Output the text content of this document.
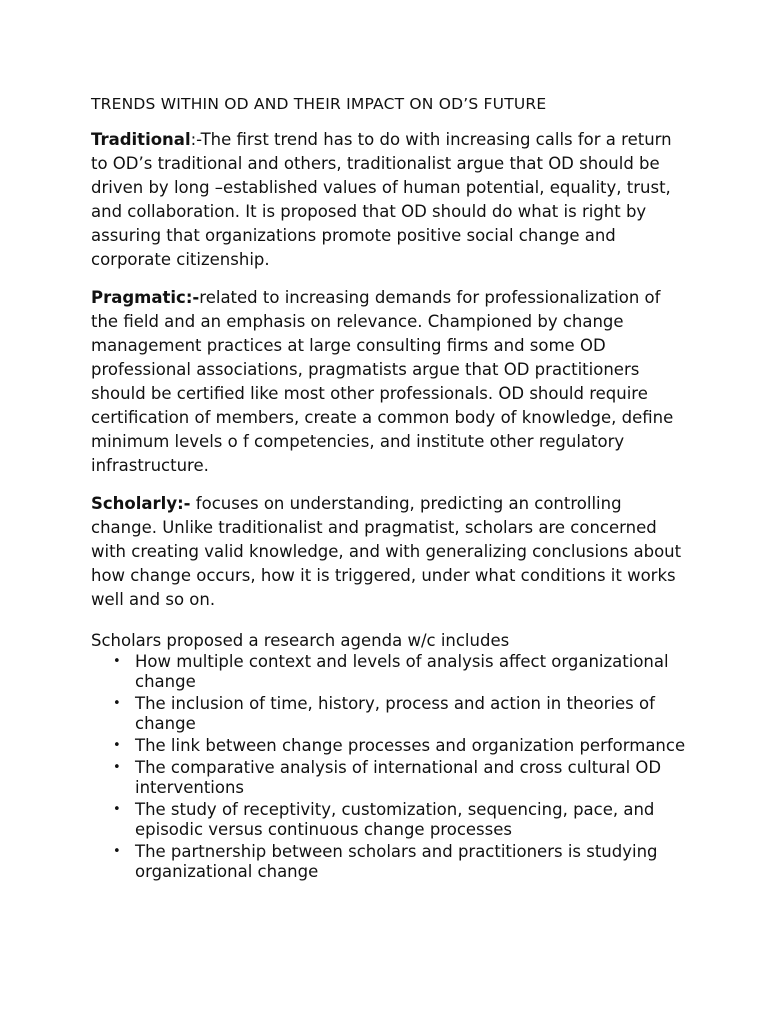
TRENDS WITHIN OD AND THEIR IMPACT ON OD’S FUTURE

Traditional:-The first trend has to do with increasing calls for a return to OD’s traditional and others, traditionalist argue that OD should be driven by long –established values of human potential, equality, trust, and collaboration. It is proposed that OD should do what is right by assuring that organizations promote positive social change and corporate citizenship.

Pragmatic:-related to increasing demands for professionalization of the field and an emphasis on relevance. Championed by change management practices at large consulting firms and some OD professional associations, pragmatists argue that OD practitioners should be certified like most other professionals. OD should require certification of members, create a common body of knowledge, define minimum levels o f competencies, and institute other regulatory infrastructure.

Scholarly:- focuses on understanding, predicting an controlling change. Unlike traditionalist and pragmatist, scholars are concerned with creating valid knowledge, and with generalizing conclusions about how change occurs, how it is triggered, under what conditions it works well and so on.

Scholars proposed a research agenda w/c includes
• How multiple context and levels of analysis affect organizational change
• The inclusion of time, history, process and action in theories of change
• The link between change processes and organization performance
• The comparative analysis of international and cross cultural OD interventions
• The study of receptivity, customization, sequencing, pace, and episodic versus continuous change processes
• The partnership between scholars and practitioners is studying organizational change
